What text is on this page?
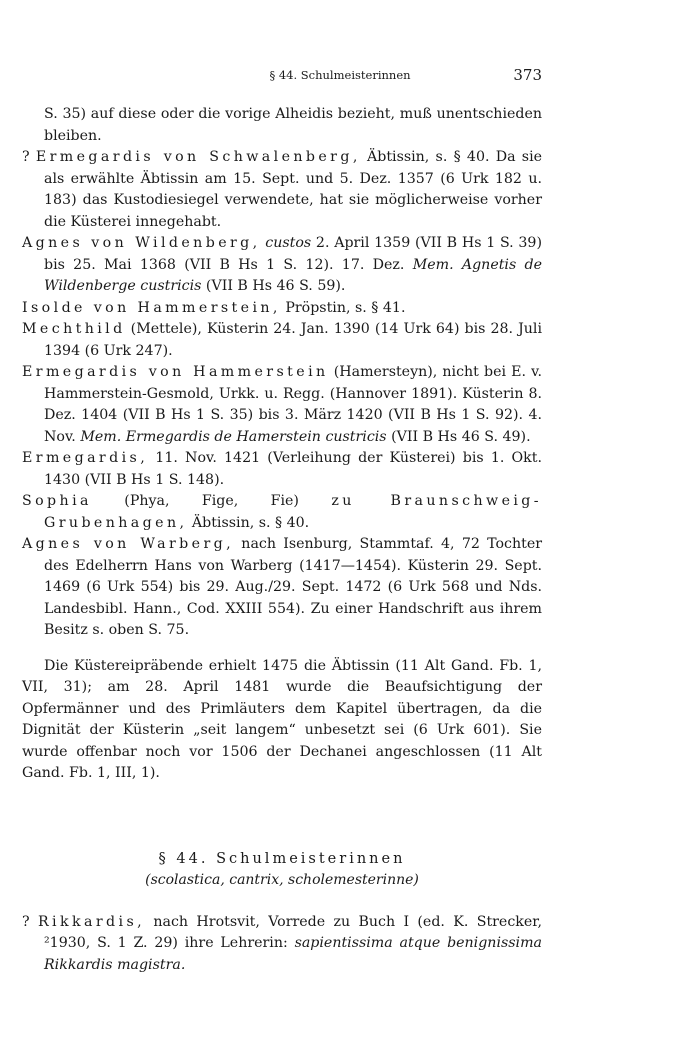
§ 44. Schulmeisterinnen	373

S. 35) auf diese oder die vorige Alheidis bezieht, muß unentschieden bleiben.

? Ermegardis von Schwalenberg, Äbtissin, s. § 40. Da sie als erwählte Äbtissin am 15. Sept. und 5. Dez. 1357 (6 Urk 182 u. 183) das Kustodiesiegel verwendete, hat sie möglicherweise vorher die Küsterei innegehabt.

Agnes von Wildenberg, custos 2. April 1359 (VII B Hs 1 S. 39) bis 25. Mai 1368 (VII B Hs 1 S. 12). 17. Dez. Mem. Agnetis de Wildenberge custricis (VII B Hs 46 S. 59).

Isolde von Hammerstein, Pröpstin, s. § 41.

Mechthild (Mettele), Küsterin 24. Jan. 1390 (14 Urk 64) bis 28. Juli 1394 (6 Urk 247).

Ermegardis von Hammerstein (Hamersteyn), nicht bei E. v. Hammerstein-Gesmold, Urkk. u. Regg. (Hannover 1891). Küsterin 8. Dez. 1404 (VII B Hs 1 S. 35) bis 3. März 1420 (VII B Hs 1 S. 92). 4. Nov. Mem. Ermegardis de Hamerstein custricis (VII B Hs 46 S. 49).

Ermegardis, 11. Nov. 1421 (Verleihung der Küsterei) bis 1. Okt. 1430 (VII B Hs 1 S. 148).

Sophia (Phya, Fige, Fie) zu Braunschweig-Grubenhagen, Äbtissin, s. § 40.

Agnes von Warberg, nach Isenburg, Stammtaf. 4, 72 Tochter des Edelherrn Hans von Warberg (1417—1454). Küsterin 29. Sept. 1469 (6 Urk 554) bis 29. Aug./29. Sept. 1472 (6 Urk 568 und Nds. Landesbibl. Hann., Cod. XXIII 554). Zu einer Handschrift aus ihrem Besitz s. oben S. 75.

Die Küstereipräbende erhielt 1475 die Äbtissin (11 Alt Gand. Fb. 1, VII, 31); am 28. April 1481 wurde die Beaufsichtigung der Opfermänner und des Primläuters dem Kapitel übertragen, da die Dignität der Küsterin „seit langem“ unbesetzt sei (6 Urk 601). Sie wurde offenbar noch vor 1506 der Dechanei angeschlossen (11 Alt Gand. Fb. 1, III, 1).

§ 44. Schulmeisterinnen
(scolastica, cantrix, scholemesterinne)

? Rikkardis, nach Hrotsvit, Vorrede zu Buch I (ed. K. Strecker, ²1930, S. 1 Z. 29) ihre Lehrerin: sapientissima atque benignissima Rikkardis magistra.
